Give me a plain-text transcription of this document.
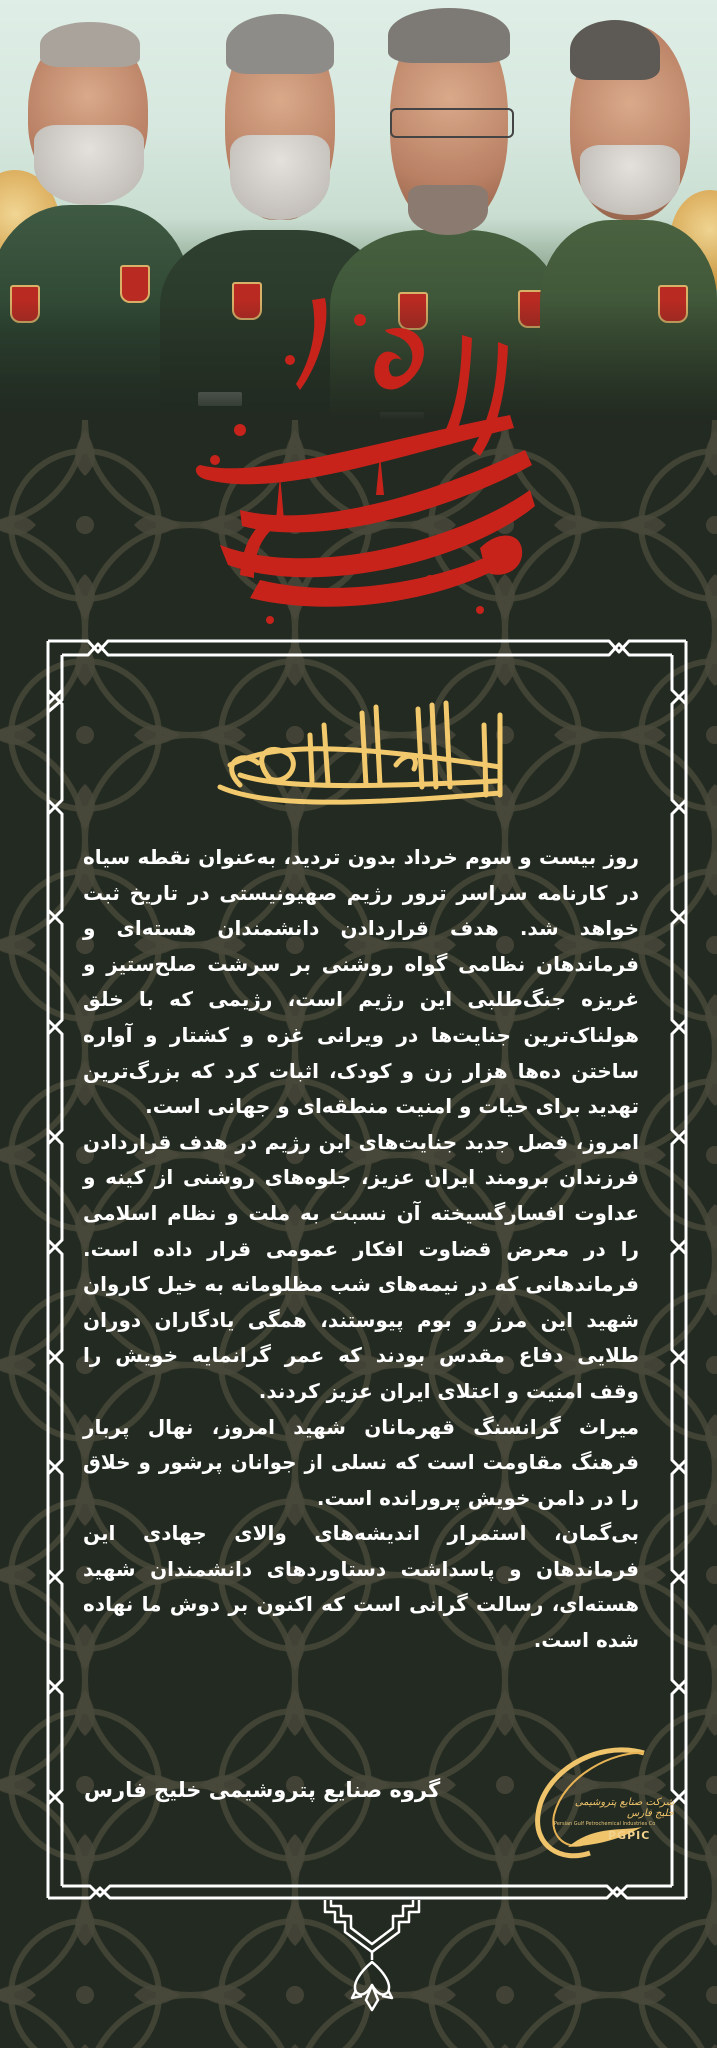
روز بیست و سوم خرداد بدون تردید، به‌عنوان نقطه سیاه در کارنامه سراسر ترور رژیم صهیونیستی در تاریخ ثبت خواهد شد. هدف قراردادن دانشمندان هسته‌ای و فرماندهان نظامی گواه روشنی بر سرشت صلح‌ستیز و غریزه جنگ‌طلبی این رژیم است، رژیمی که با خلق هولناک‌ترین جنایت‌ها در ویرانی غزه و کشتار و آواره ساختن ده‌ها هزار زن و کودک، اثبات کرد که بزرگ‌ترین تهدید برای حیات و امنیت منطقه‌ای و جهانی است.

امروز، فصل جدید جنایت‌های این رژیم در هدف قراردادن فرزندان برومند ایران عزیز، جلوه‌های روشنی از کینه و عداوت افسارگسیخته آن نسبت به ملت و نظام اسلامی را در معرض قضاوت افکار عمومی قرار داده است. فرماندهانی که در نیمه‌های شب مظلومانه به خیل کاروان شهید این مرز و بوم پیوستند، همگی یادگاران دوران طلایی دفاع مقدس بودند که عمر گرانمایه خویش را وقف امنیت و اعتلای ایران عزیز کردند.

میراث گرانسنگ قهرمانان شهید امروز، نهال پربار فرهنگ مقاومت است که نسلی از جوانان پرشور و خلاق را در دامن خویش پرورانده است.

بی‌گمان، استمرار اندیشه‌های والای جهادی این فرماندهان و پاسداشت دستاوردهای دانشمندان شهید هسته‌ای، رسالت گرانی است که اکنون بر دوش ما نهاده شده است.

گروه صنایع پتروشیمی خلیج فارس
شرکت صنایع پتروشیمی خلیج فارس
Persian Gulf Petrochemical Industries Co
PGPIC
